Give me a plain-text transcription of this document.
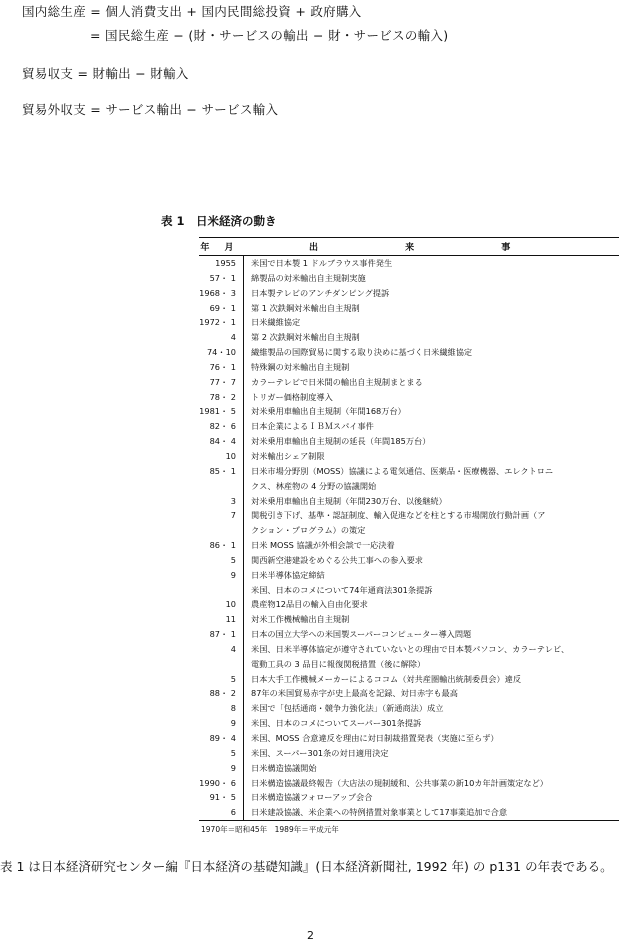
国内総生産 = 個人消費支出 + 国内民間総投資 + 政府購入
= 国民総生産 − (財・サービスの輸出 − 財・サービスの輸入)
貿易収支 = 財輸出 − 財輸入
貿易外収支 = サービス輸出 − サービス輸入
表 1　日米経済の動き
年 月	出 来 事
1955 米国で日本製 1 ドルブラウス事件発生
57・ 1 綿製品の対米輸出自主規制実施
1968・ 3 日本製テレビのアンチダンピング提訴
69・ 1 第 1 次鉄鋼対米輸出自主規制
1972・ 1 日米繊維協定
4 第 2 次鉄鋼対米輸出自主規制
74・10 繊維製品の国際貿易に関する取り決めに基づく日米繊維協定
76・ 1 特殊鋼の対米輸出自主規制
77・ 7 カラーテレビで日米間の輸出自主規制まとまる
78・ 2 トリガー価格制度導入
1981・ 5 対米乗用車輸出自主規制（年間168万台）
82・ 6 日本企業によるＩＢＭスパイ事件
84・ 4 対米乗用車輸出自主規制の延長（年間185万台）
10 対米輸出シェア制限
85・ 1 日米市場分野別（MOSS）協議による電気通信、医薬品・医療機器、エレクトロニ
クス、林産物の 4 分野の協議開始
3 対米乗用車輸出自主規制（年間230万台、以後継続）
7 関税引き下げ、基準・認証制度、輸入促進などを柱とする市場開放行動計画（ア
クション・プログラム）の策定
86・ 1 日米 MOSS 協議が外相会談で一応決着
5 関西新空港建設をめぐる公共工事への参入要求
9 日米半導体協定締結
米国、日本のコメについて74年通商法301条提訴
10 農産物12品目の輸入自由化要求
11 対米工作機械輸出自主規制
87・ 1 日本の国立大学への米国製スーパーコンピューター導入問題
4 米国、日米半導体協定が遵守されていないとの理由で日本製パソコン、カラーテレビ、
電動工具の 3 品目に報復関税措置（後に解除）
5 日本大手工作機械メーカーによるココム（対共産圏輸出統制委員会）違反
88・ 2 87年の米国貿易赤字が史上最高を記録、対日赤字も最高
8 米国で「包括通商・競争力強化法」（新通商法）成立
9 米国、日本のコメについてスーパー301条提訴
89・ 4 米国、MOSS 合意違反を理由に対日制裁措置発表（実施に至らず）
5 米国、スーパー301条の対日適用決定
9 日米構造協議開始
1990・ 6 日米構造協議最終報告（大店法の規制緩和、公共事業の新10カ年計画策定など）
91・ 5 日米構造協議フォローアップ会合
6 日米建設協議、米企業への特例措置対象事業として17事業追加で合意
1970年＝昭和45年　1989年＝平成元年
表 1 は日本経済研究センター編『日本経済の基礎知識』(日本経済新聞社, 1992 年) の p131 の年表である。
2
